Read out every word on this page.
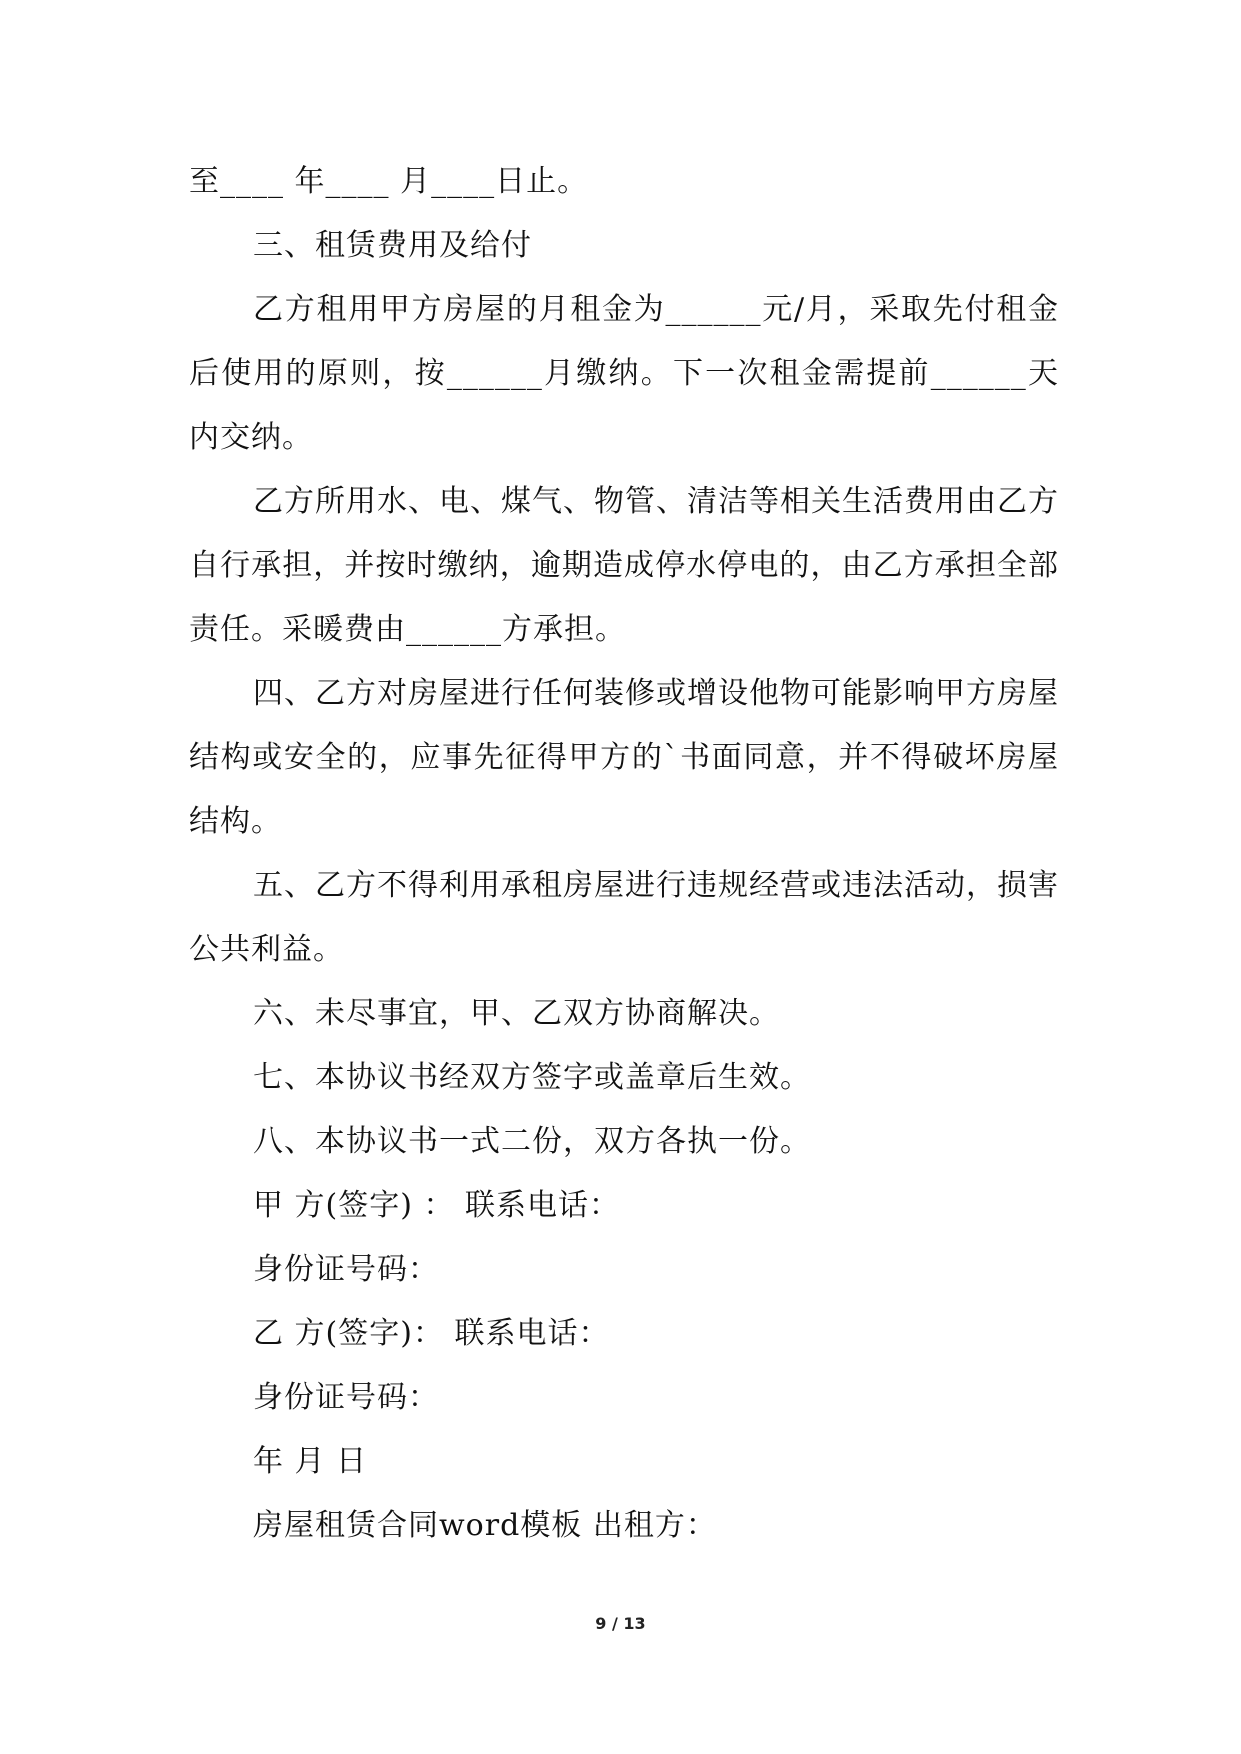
至____ 年____ 月____日止。

三、租赁费用及给付

乙方租用甲方房屋的月租金为______元/月，采取先付租金后使用的原则，按______月缴纳。下一次租金需提前______天内交纳。

乙方所用水、电、煤气、物管、清洁等相关生活费用由乙方自行承担，并按时缴纳，逾期造成停水停电的，由乙方承担全部责任。采暖费由______方承担。

四、乙方对房屋进行任何装修或增设他物可能影响甲方房屋结构或安全的，应事先征得甲方的`书面同意，并不得破坏房屋结构。

五、乙方不得利用承租房屋进行违规经营或违法活动，损害公共利益。

六、未尽事宜，甲、乙双方协商解决。

七、本协议书经双方签字或盖章后生效。

八、本协议书一式二份，双方各执一份。

甲 方(签字) ： 联系电话：

身份证号码：

乙 方(签字)： 联系电话：

身份证号码：

年 月 日

房屋租赁合同word模板 出租方：

9 / 13
